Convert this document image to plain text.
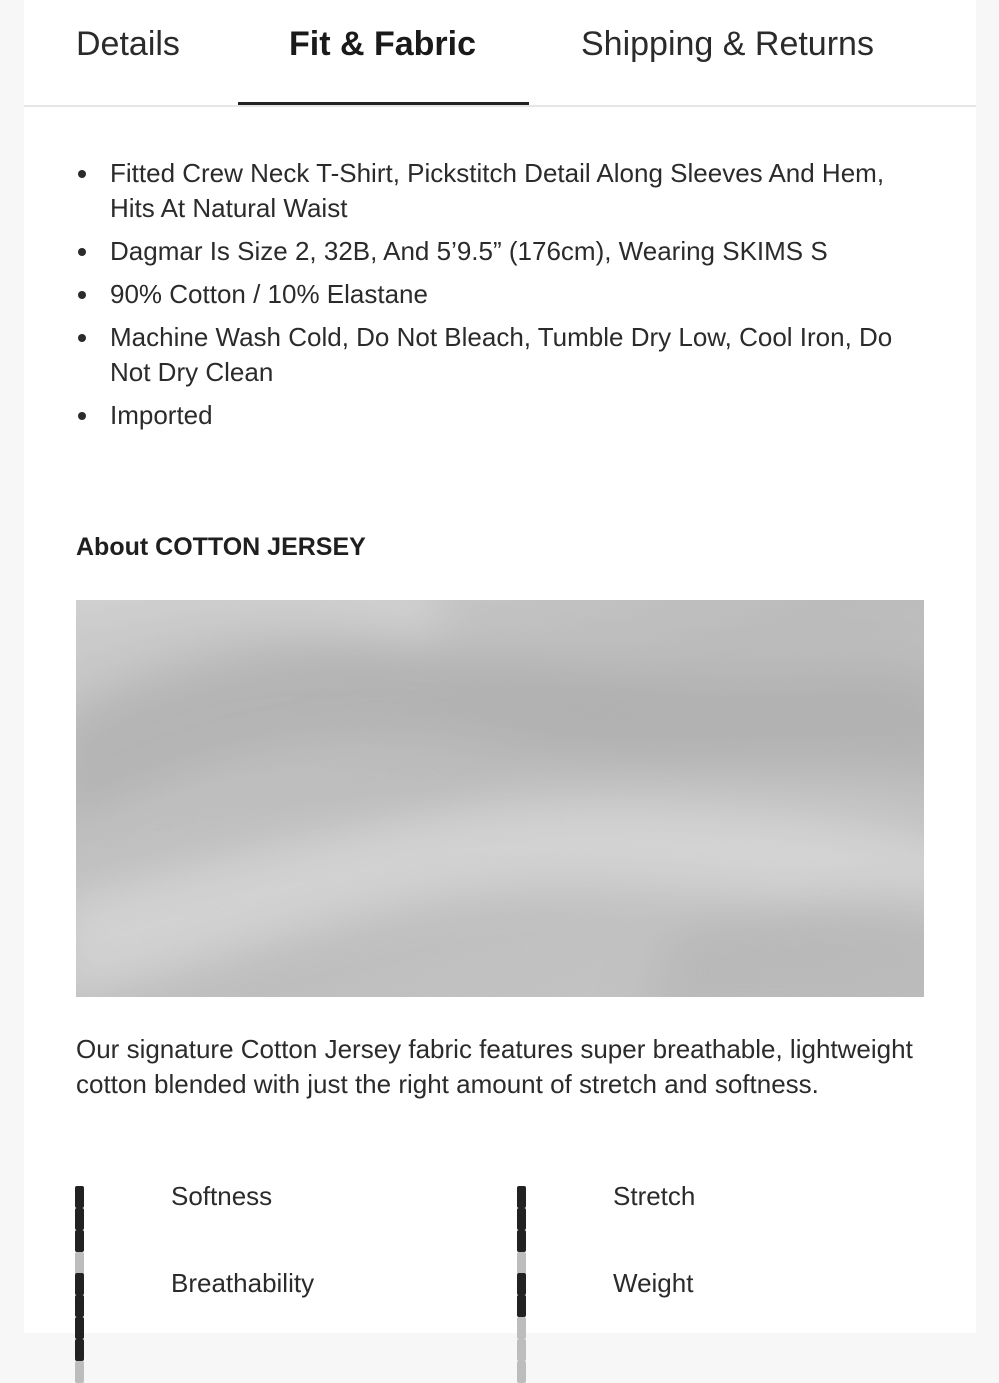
Details	Fit & Fabric	Shipping & Returns
Fitted Crew Neck T-Shirt, Pickstitch Detail Along Sleeves And Hem, Hits At Natural Waist
Dagmar Is Size 2, 32B, And 5’9.5” (176cm), Wearing SKIMS S
90% Cotton / 10% Elastane
Machine Wash Cold, Do Not Bleach, Tumble Dry Low, Cool Iron, Do Not Dry Clean
Imported
About COTTON JERSEY
Our signature Cotton Jersey fabric features super breathable, lightweight cotton blended with just the right amount of stretch and softness.
Softness	Stretch
Breathability	Weight
